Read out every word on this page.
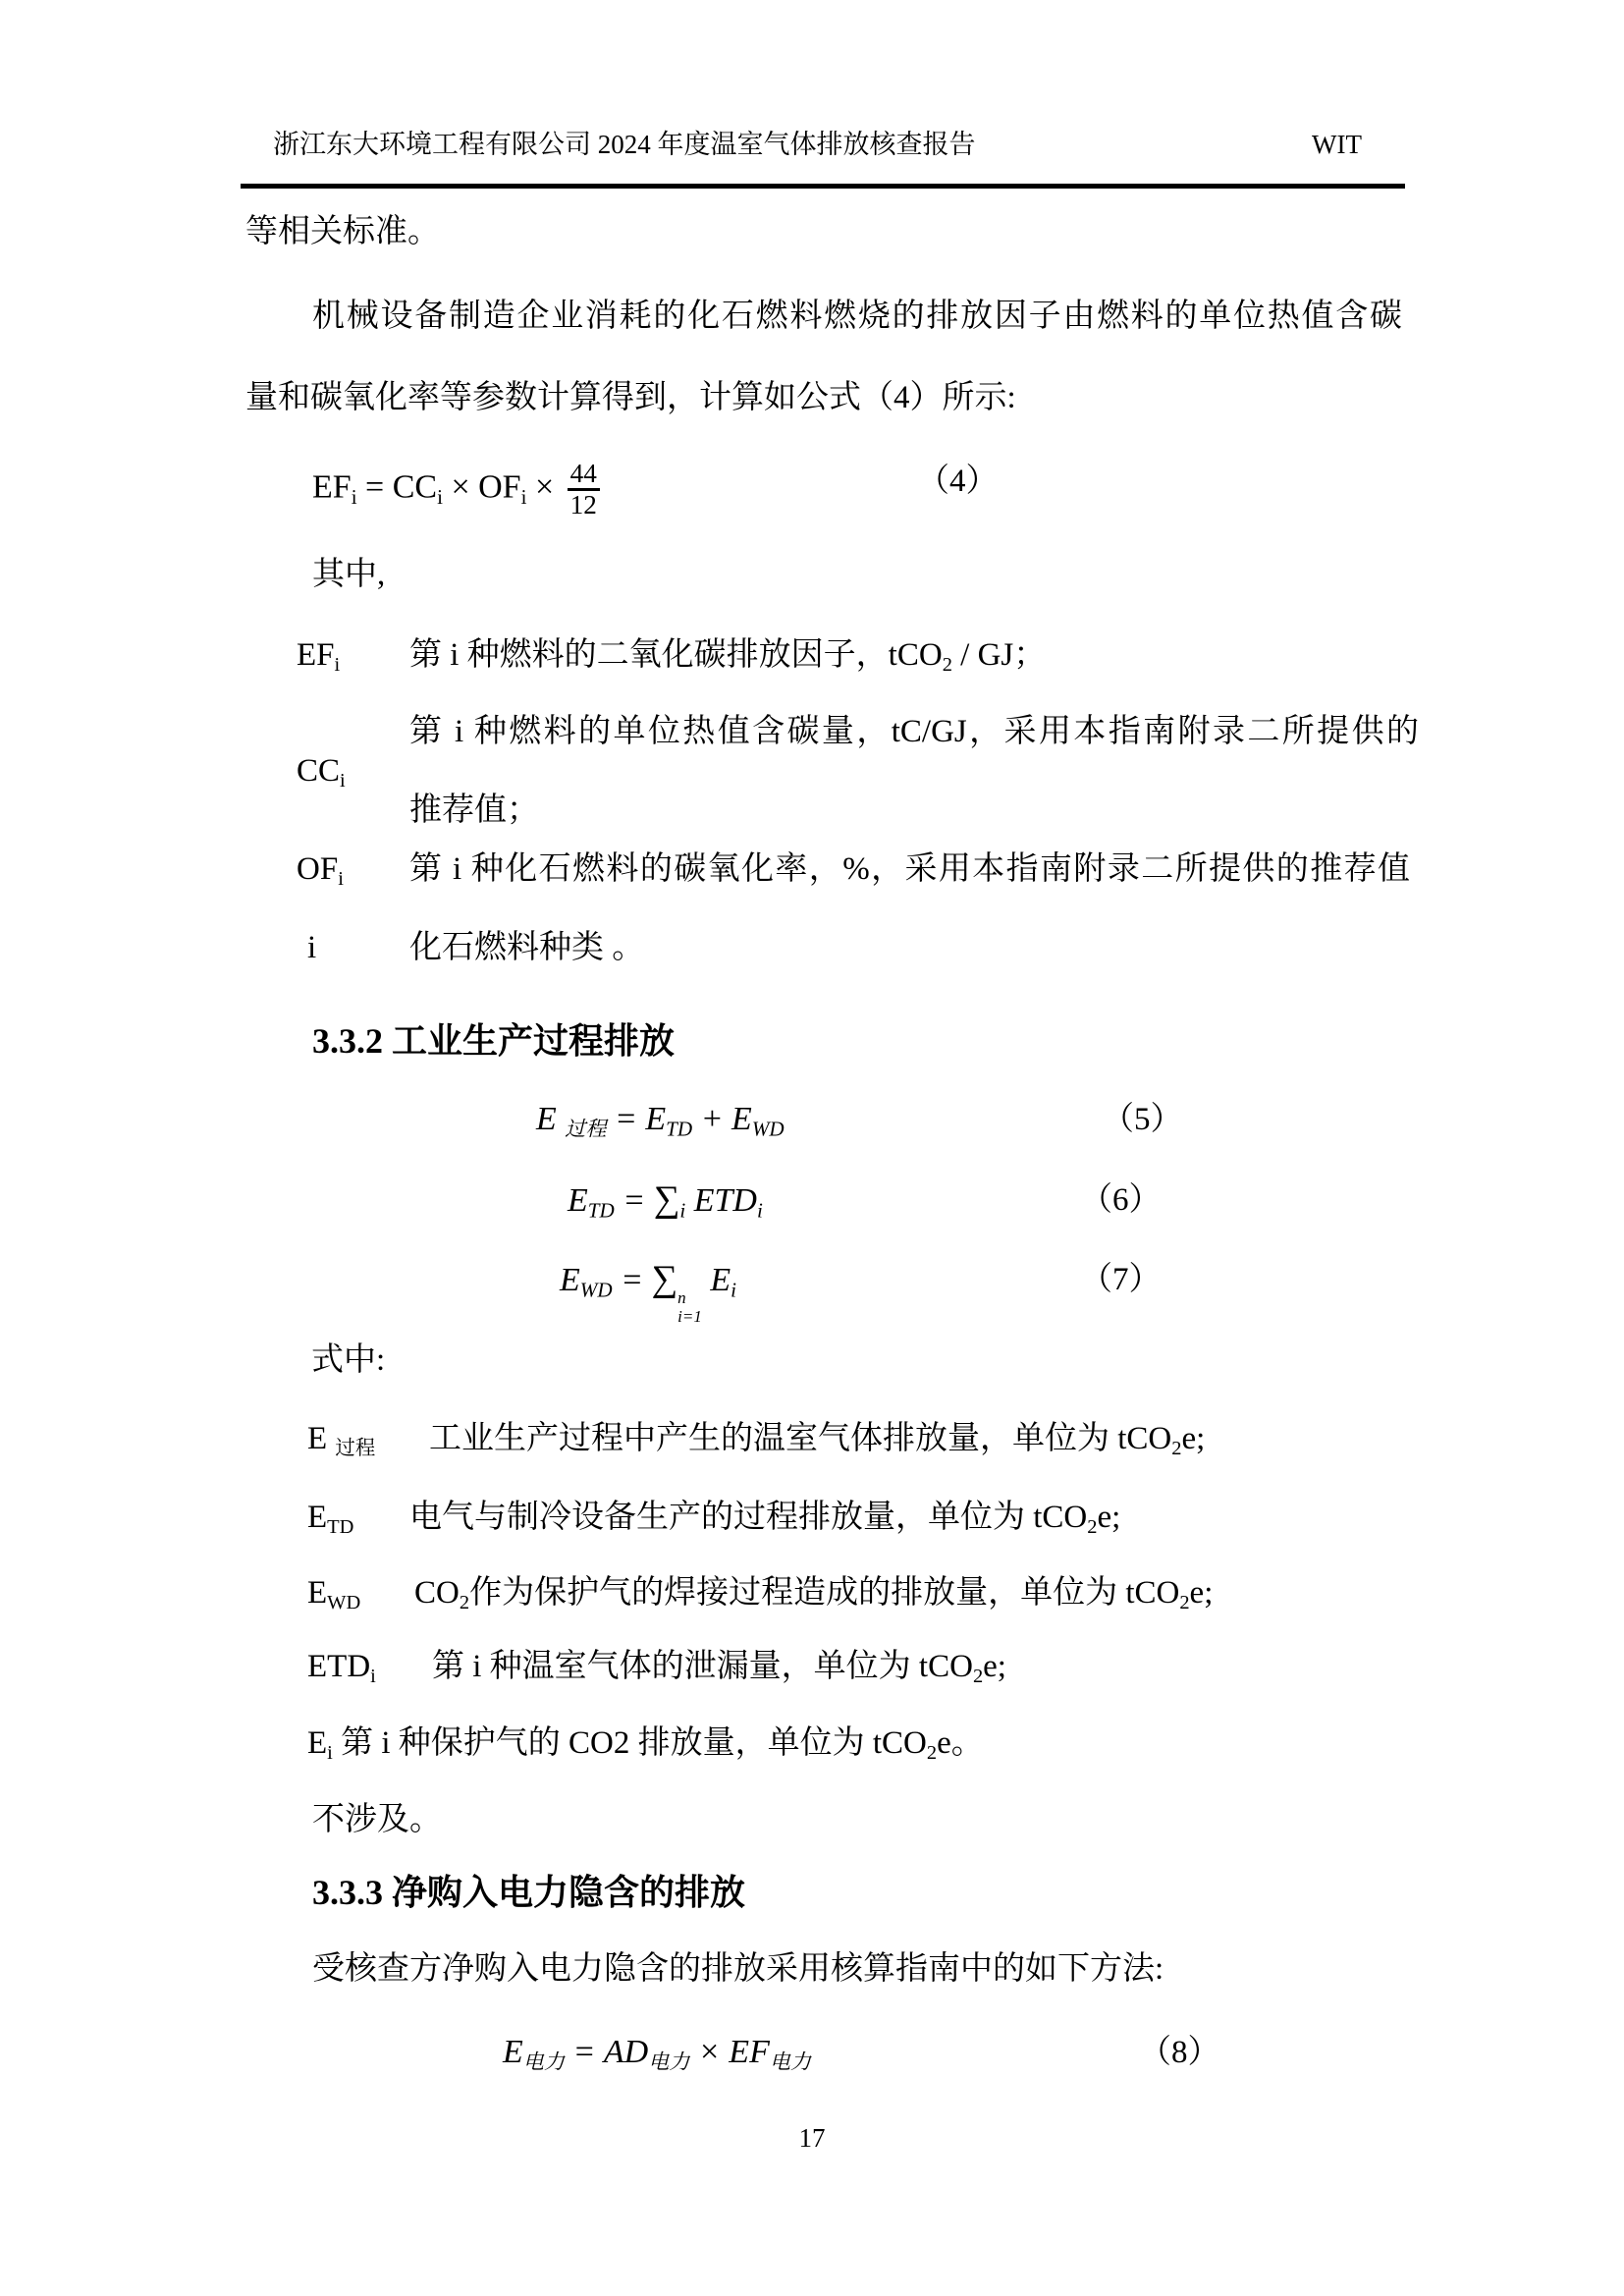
浙江东大环境工程有限公司 2024 年度温室气体排放核查报告	WIT
等相关标准。
机械设备制造企业消耗的化石燃料燃烧的排放因子由燃料的单位热值含碳
量和碳氧化率等参数计算得到，计算如公式（4）所示:
$EF_i = CC_i \times OF_i \times \frac{44}{12}$	（4）
其中,
$EF_i$ 第 i 种燃料的二氧化碳排放因子，tCO$_2$ / GJ；
$CC_i$
第 i 种燃料的单位热值含碳量，tC/GJ，采用本指南附录二所提供的
推荐值；
$OF_i$ 第 i 种化石燃料的碳氧化率，%，采用本指南附录二所提供的推荐值
i	化石燃料种类 。
3.3.2 工业生产过程排放
E $_{过程} = E_{TD} + E_{WD}$	（5）
$E_{TD} = \sum_i$ $ETD_i$	（6）
$E_{WD}$ = ∑ n
i=1
$E_i$	（7）
式中:
E $_{过程}$ 工业生产过程中产生的温室气体排放量，单位为 tCO$_2$e;
$E_{TD}$ 电气与制冷设备生产的过程排放量，单位为 tCO$_2$e;
$E_{WD}$ $CO_2$作为保护气的焊接过程造成的排放量，单位为 tCO$_2$e;
$ETD_i$ 第 i 种温室气体的泄漏量，单位为 tCO$_2$e;
$E_i$ 第 i 种保护气的 CO2 排放量，单位为 tCO$_2$e。
不涉及。
3.3.3 净购入电力隐含的排放
受核查方净购入电力隐含的排放采用核算指南中的如下方法:
$E_{电力} = AD_{电力} \times EF_{电力}$	（8）
17
